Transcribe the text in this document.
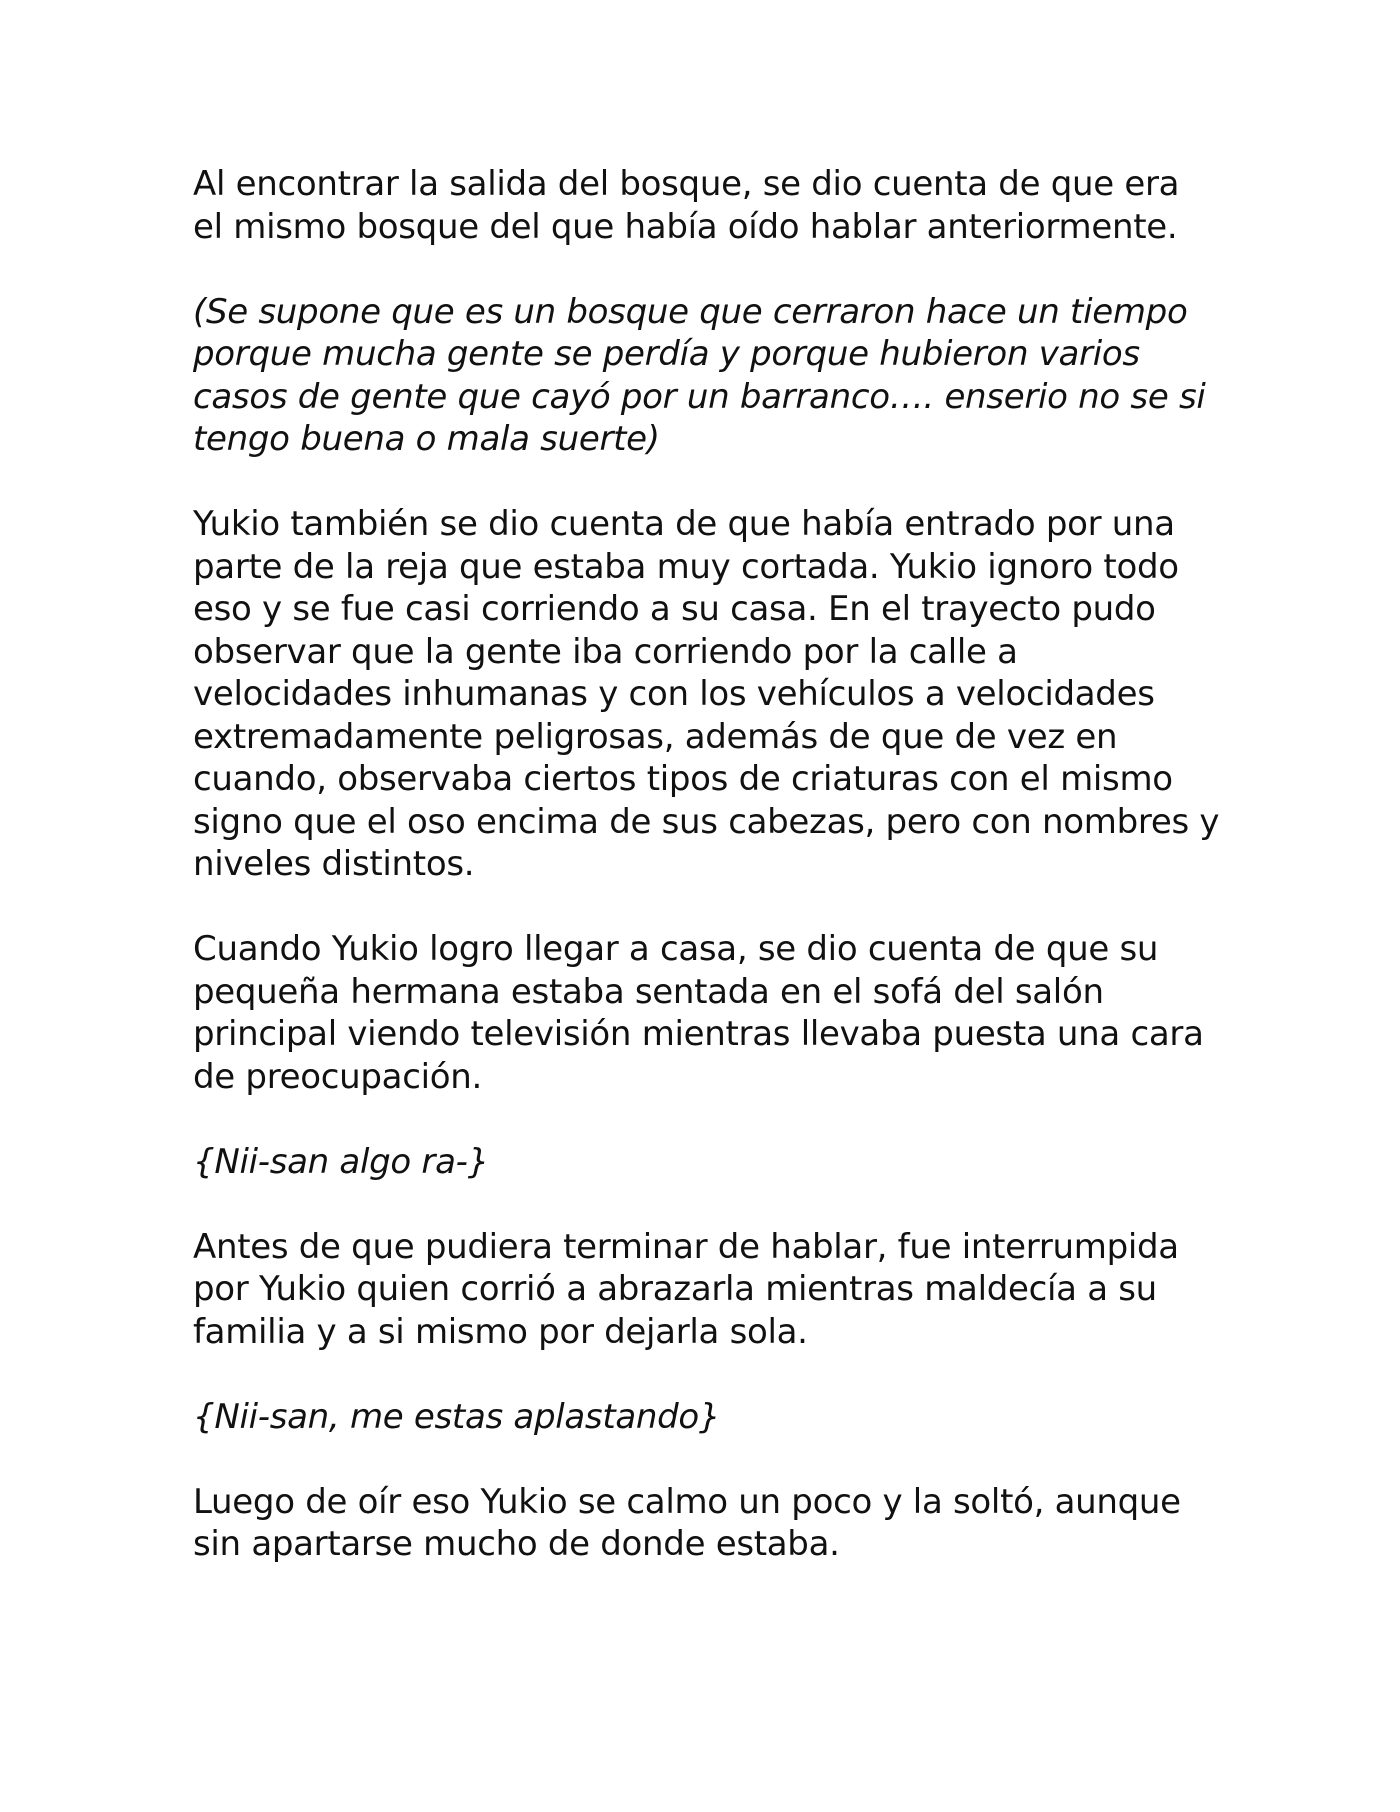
Al encontrar la salida del bosque, se dio cuenta de que era
el mismo bosque del que había oído hablar anteriormente.

(Se supone que es un bosque que cerraron hace un tiempo
porque mucha gente se perdía y porque hubieron varios
casos de gente que cayó por un barranco…. enserio no se si
tengo buena o mala suerte)

Yukio también se dio cuenta de que había entrado por una
parte de la reja que estaba muy cortada. Yukio ignoro todo
eso y se fue casi corriendo a su casa. En el trayecto pudo
observar que la gente iba corriendo por la calle a
velocidades inhumanas y con los vehículos a velocidades
extremadamente peligrosas, además de que de vez en
cuando, observaba ciertos tipos de criaturas con el mismo
signo que el oso encima de sus cabezas, pero con nombres y
niveles distintos.

Cuando Yukio logro llegar a casa, se dio cuenta de que su
pequeña hermana estaba sentada en el sofá del salón
principal viendo televisión mientras llevaba puesta una cara
de preocupación.

{Nii-san algo ra-}

Antes de que pudiera terminar de hablar, fue interrumpida
por Yukio quien corrió a abrazarla mientras maldecía a su
familia y a si mismo por dejarla sola.

{Nii-san, me estas aplastando}

Luego de oír eso Yukio se calmo un poco y la soltó, aunque
sin apartarse mucho de donde estaba.
